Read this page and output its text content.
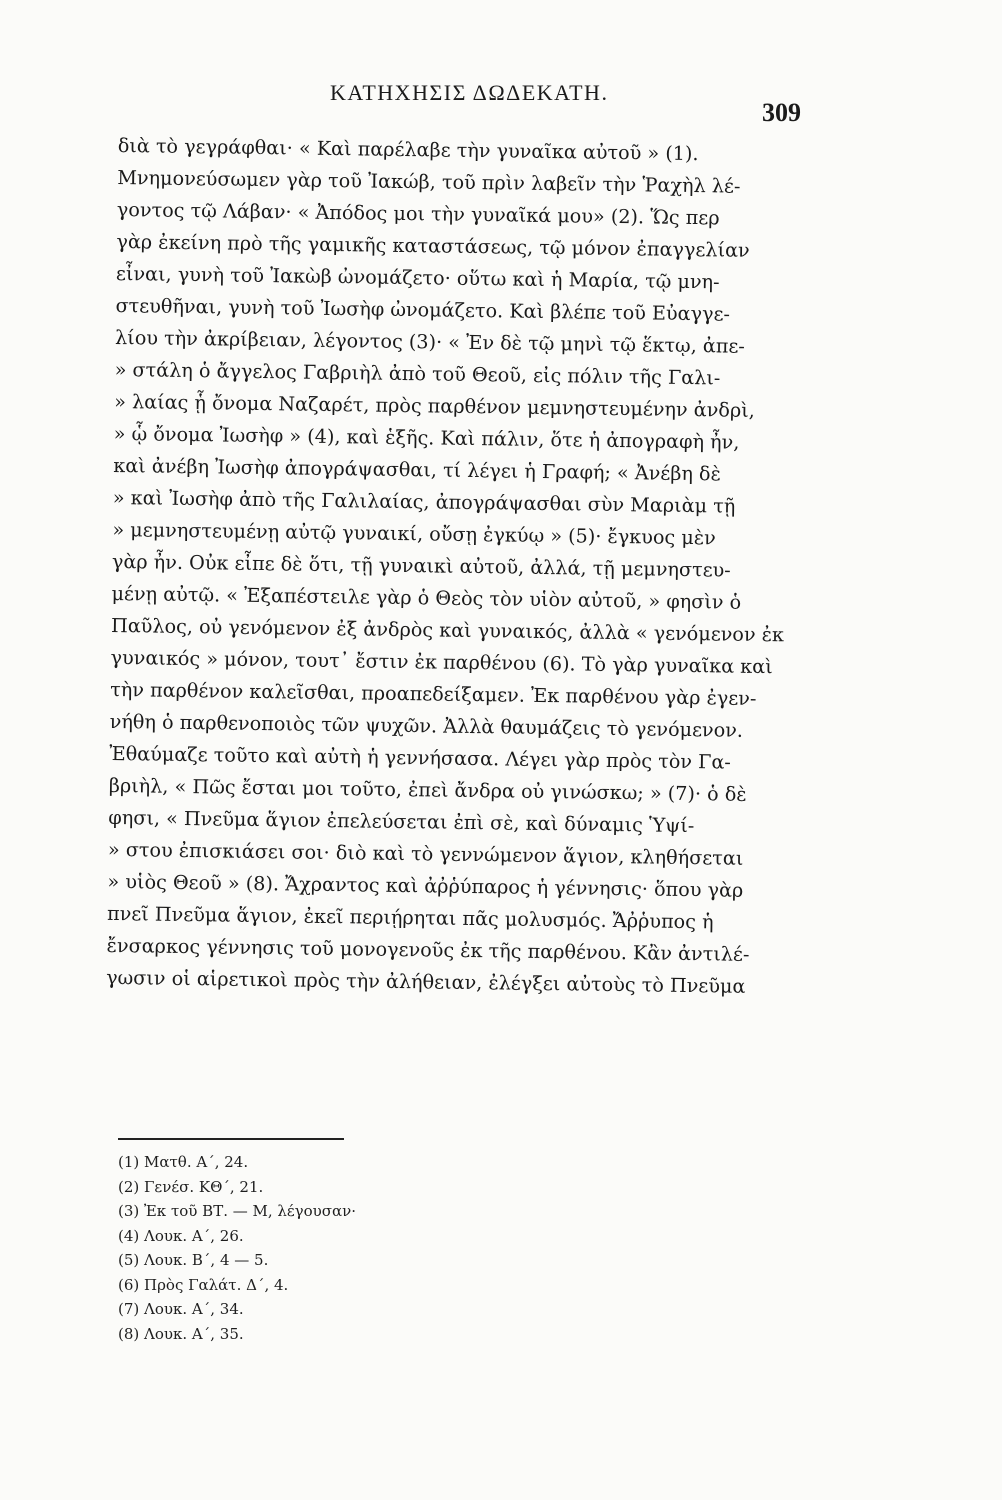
ΚΑΤΗΧΗΣΙΣ ΔΩΔΕΚΑΤΗ.
309
διὰ τὸ γεγράφθαι· « Καὶ παρέλαβε τὴν γυναῖκα αὐτοῦ » (1).
Μνημονεύσωμεν γὰρ τοῦ Ἰακώβ, τοῦ πρὶν λαβεῖν τὴν Ῥαχὴλ λέ-
γοντος τῷ Λάβαν· « Ἀπόδος μοι τὴν γυναῖκά μου» (2). Ὥς περ
γὰρ ἐκείνη πρὸ τῆς γαμικῆς καταστάσεως, τῷ μόνον ἐπαγγελίαν
εἶναι, γυνὴ τοῦ Ἰακὼβ ὠνομάζετο· οὕτω καὶ ἡ Μαρία, τῷ μνη-
στευθῆναι, γυνὴ τοῦ Ἰωσὴφ ὠνομάζετο. Καὶ βλέπε τοῦ Εὐαγγε-
λίου τὴν ἀκρίβειαν, λέγοντος (3)· « Ἐν δὲ τῷ μηνὶ τῷ ἕκτῳ, ἀπε-
» στάλη ὁ ἄγγελος Γαβριὴλ ἀπὸ τοῦ Θεοῦ, εἰς πόλιν τῆς Γαλι-
» λαίας ᾗ ὄνομα Ναζαρέτ, πρὸς παρθένον μεμνηστευμένην ἀνδρὶ,
» ᾧ ὄνομα Ἰωσὴφ » (4), καὶ ἑξῆς. Καὶ πάλιν, ὅτε ἡ ἀπογραφὴ ἦν,
καὶ ἀνέβη Ἰωσὴφ ἀπογράψασθαι, τί λέγει ἡ Γραφή; « Ἀνέβη δὲ
» καὶ Ἰωσὴφ ἀπὸ τῆς Γαλιλαίας, ἀπογράψασθαι σὺν Μαριὰμ τῇ
» μεμνηστευμένῃ αὐτῷ γυναικί, οὔσῃ ἐγκύῳ » (5)· ἔγκυος μὲν
γὰρ ἦν. Οὐκ εἶπε δὲ ὅτι, τῇ γυναικὶ αὐτοῦ, ἀλλά, τῇ μεμνηστευ-
μένῃ αὐτῷ. « Ἐξαπέστειλε γὰρ ὁ Θεὸς τὸν υἱὸν αὐτοῦ, » φησὶν ὁ
Παῦλος, οὐ γενόμενον ἐξ ἀνδρὸς καὶ γυναικός, ἀλλὰ « γενόμενον ἐκ
γυναικός » μόνον, τουτ᾽ ἔστιν ἐκ παρθένου (6). Τὸ γὰρ γυναῖκα καὶ
τὴν παρθένον καλεῖσθαι, προαπεδείξαμεν. Ἐκ παρθένου γὰρ ἐγεν-
νήθη ὁ παρθενοποιὸς τῶν ψυχῶν. Ἀλλὰ θαυμάζεις τὸ γενόμενον.
Ἐθαύμαζε τοῦτο καὶ αὐτὴ ἡ γεννήσασα. Λέγει γὰρ πρὸς τὸν Γα-
βριὴλ, « Πῶς ἔσται μοι τοῦτο, ἐπεὶ ἄνδρα οὐ γινώσκω; » (7)· ὁ δὲ
φησι, « Πνεῦμα ἅγιον ἐπελεύσεται ἐπὶ σὲ, καὶ δύναμις Ὑψί-
» στου ἐπισκιάσει σοι· διὸ καὶ τὸ γεννώμενον ἅγιον, κληθήσεται
» υἱὸς Θεοῦ » (8). Ἄχραντος καὶ ἀῤῥύπαρος ἡ γέννησις· ὅπου γὰρ
πνεῖ Πνεῦμα ἅγιον, ἐκεῖ περιῄρηται πᾶς μολυσμός. Ἄῤῥυπος ἡ
ἔνσαρκος γέννησις τοῦ μονογενοῦς ἐκ τῆς παρθένου. Κἂν ἀντιλέ-
γωσιν οἱ αἱρετικοὶ πρὸς τὴν ἀλήθειαν, ἐλέγξει αὐτοὺς τὸ Πνεῦμα
(1) Ματθ. Α΄, 24.
(2) Γενέσ. ΚΘ΄, 21.
(3) Ἐκ τοῦ ΒΤ. — Μ, λέγουσαν·
(4) Λουκ. Α΄, 26.
(5) Λουκ. Β΄, 4 — 5.
(6) Πρὸς Γαλάτ. Δ΄, 4.
(7) Λουκ. Α΄, 34.
(8) Λουκ. Α΄, 35.
